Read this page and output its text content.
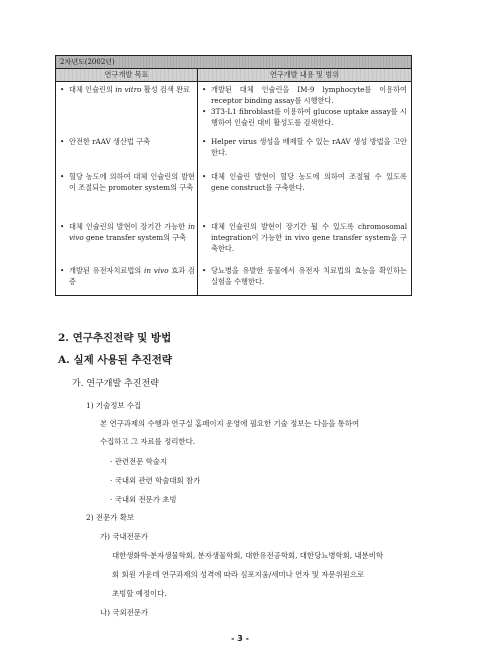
2차년도(2002년)
연구개발 목표	연구개발 내용 및 범위
• 대체 인슐린의 in vitro 활성 검색 완료
• 안전한 rAAV 생산법 구축
• 혈당 농도에 의하여 대체 인슐린의 발현이 조절되는 promoter system의 구축
• 대체 인슐린의 발현이 장기간 가능한 in vivo gene transfer system의 구축
• 개발된 유전자치료법의 in vivo 효과 검증
• 개발된 대체 인슐린을 IM-9 lymphocyte를 이용하여 receptor binding assay를 시행한다.
• 3T3-L1 fibroblast를 이용하여 glucose uptake assay를 시행하여 인슐린 대비 활성도를 검색한다.
• Helper virus 생성을 배제할 수 있는 rAAV 생성 방법을 고안한다.
• 대체 인슐린 발현이 혈당 농도에 의하여 조절될 수 있도록 gene construct를 구축한다.
• 대체 인슐린의 발현이 장기간 될 수 있도록 chromosomal integration이 가능한 in vivo gene transfer system을 구축한다.
• 당뇨병을 유발한 동물에서 유전자 치료법의 효능을 확인하는 실험을 수행한다.
2. 연구추진전략 및 방법
A. 실제 사용된 추진전략
가. 연구개발 추진전략
1) 기술정보 수집
본 연구과제의 수행과 연구실 홈페이지 운영에 필요한 기술 정보는 다음을 통하여
수집하고 그 자료를 정리한다.
· 관련전문 학술지
· 국내외 관련 학술대회 참가
· 국내외 전문가 초빙
2) 전문가 확보
가) 국내전문가
대한생화학·분자생물학회, 분자생물학회, 대한유전공학회, 대한당뇨병학회, 내분비학
회 회원 가운데 연구과제의 성격에 따라 심포지움/세미나 연자 및 자문위원으로
초빙할 예정이다.
나) 국외전문가
- 3 -
